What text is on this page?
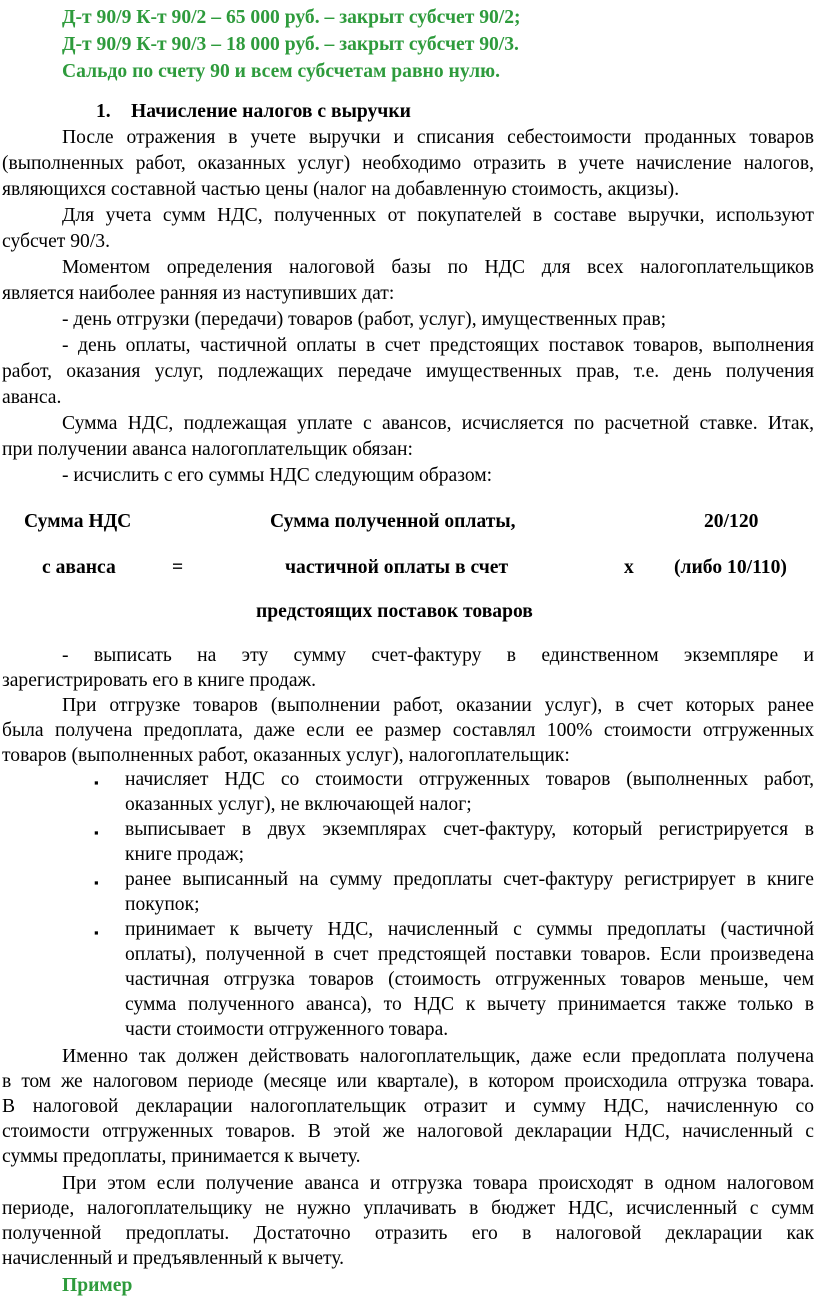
Д-т 90/9 К-т 90/2 – 65 000 руб. – закрыт субсчет 90/2;
Д-т 90/9 К-т 90/3 – 18 000 руб. – закрыт субсчет 90/3.
Сальдо по счету 90 и всем субсчетам равно нулю.
1. Начисление налогов с выручки
После отражения в учете выручки и списания себестоимости проданных товаров
(выполненных работ, оказанных услуг) необходимо отразить в учете начисление налогов,
являющихся составной частью цены (налог на добавленную стоимость, акцизы).
Для учета сумм НДС, полученных от покупателей в составе выручки, используют
субсчет 90/3.
Моментом определения налоговой базы по НДС для всех налогоплательщиков
является наиболее ранняя из наступивших дат:
- день отгрузки (передачи) товаров (работ, услуг), имущественных прав;
- день оплаты, частичной оплаты в счет предстоящих поставок товаров, выполнения
работ, оказания услуг, подлежащих передаче имущественных прав, т.е. день получения
аванса.
Сумма НДС, подлежащая уплате с авансов, исчисляется по расчетной ставке. Итак,
при получении аванса налогоплательщик обязан:
- исчислить с его суммы НДС следующим образом:
Сумма НДС	Сумма полученной оплаты,	20/120
с аванса	=	частичной оплаты в счет	х (либо 10/110)
предстоящих поставок товаров
- выписать на эту сумму счет-фактуру в единственном экземпляре и
зарегистрировать его в книге продаж.
При отгрузке товаров (выполнении работ, оказании услуг), в счет которых ранее
была получена предоплата, даже если ее размер составлял 100% стоимости отгруженных
товаров (выполненных работ, оказанных услуг), налогоплательщик:
▪ начисляет НДС со стоимости отгруженных товаров (выполненных работ,
оказанных услуг), не включающей налог;
▪ выписывает в двух экземплярах счет-фактуру, который регистрируется в
книге продаж;
▪ ранее выписанный на сумму предоплаты счет-фактуру регистрирует в книге
покупок;
▪ принимает к вычету НДС, начисленный с суммы предоплаты (частичной
оплаты), полученной в счет предстоящей поставки товаров. Если произведена
частичная отгрузка товаров (стоимость отгруженных товаров меньше, чем
сумма полученного аванса), то НДС к вычету принимается также только в
части стоимости отгруженного товара.
Именно так должен действовать налогоплательщик, даже если предоплата получена
в том же налоговом периоде (месяце или квартале), в котором происходила отгрузка товара.
В налоговой декларации налогоплательщик отразит и сумму НДС, начисленную со
стоимости отгруженных товаров. В этой же налоговой декларации НДС, начисленный с
суммы предоплаты, принимается к вычету.
При этом если получение аванса и отгрузка товара происходят в одном налоговом
периоде, налогоплательщику не нужно уплачивать в бюджет НДС, исчисленный с сумм
полученной предоплаты. Достаточно отразить его в налоговой декларации как
начисленный и предъявленный к вычету.
Пример
